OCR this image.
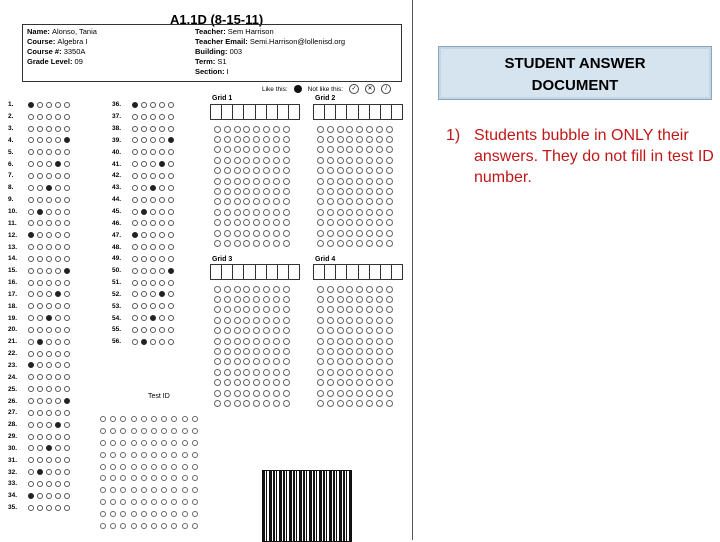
A1.1D (8-15-11)
Name: Alonso, Tania
Course: Algebra I
Course #: 3350A
Grade Level: 09
Teacher: Sem Harrison
Teacher Email: Semi.Harrison@lollenisd.org
Building: 003
Term: S1
Section: I
Like this:	Not like this:	✓	✕	/
1.
2.
3.
4.
5.
6.
7.
8.
9.
10.
11.
12.
13.
14.
15.
16.
17.
18.
19.
20.
21.
22.
23.
24.
25.
26.
27.
28.
29.
30.
31.
32.
33.
34.
35.
36.
37.
38.
39.
40.
41.
42.
43.
44.
45.
46.
47.
48.
49.
50.
51.
52.
53.
54.
55.
56.
Grid 1	Grid 2
Grid 3	Grid 4
Test ID
STUDENT ANSWER
DOCUMENT
1) Students bubble in ONLY their answers. They do not fill in test ID number.
